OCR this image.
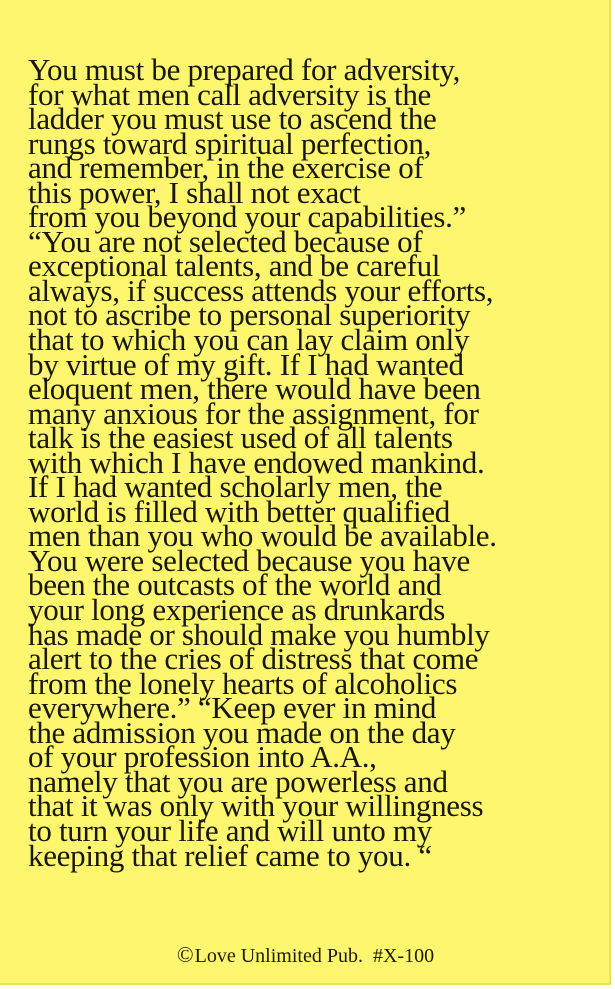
You must be prepared for adversity,
for what men call adversity is the
ladder you must use to ascend the
rungs toward spiritual perfection,
and remember, in the exercise of
this power, I shall not exact
from you beyond your capabilities.”
“You are not selected because of
exceptional talents, and be careful
always, if success attends your efforts,
not to ascribe to personal superiority
that to which you can lay claim only
by virtue of my gift. If I had wanted
eloquent men, there would have been
many anxious for the assignment, for
talk is the easiest used of all talents
with which I have endowed mankind.
If I had wanted scholarly men, the
world is filled with better qualified
men than you who would be available.
You were selected because you have
been the outcasts of the world and
your long experience as drunkards
has made or should make you humbly
alert to the cries of distress that come
from the lonely hearts of alcoholics
everywhere.” “Keep ever in mind
the admission you made on the day
of your profession into A.A.,
namely that you are powerless and
that it was only with your willingness
to turn your life and will unto my
keeping that relief came to you. “
©Love Unlimited Pub. #X-100
